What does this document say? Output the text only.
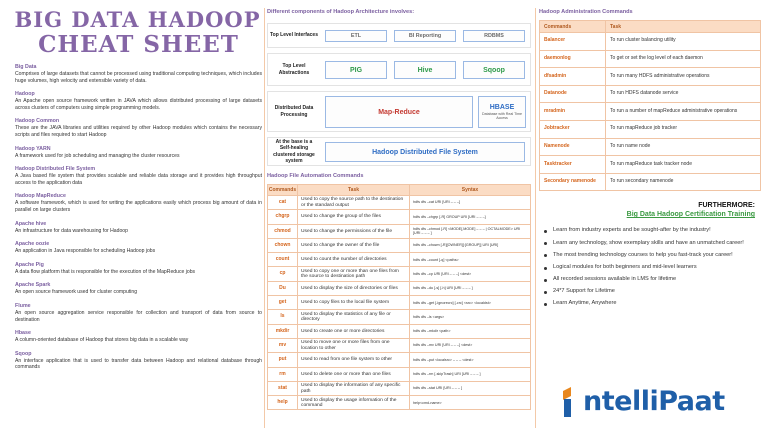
BIG DATA HADOOP
CHEAT SHEET
Big Data
Comprises of large datasets that cannot be processed using traditional computing techniques, which includes huge volumes, high velocity and extensible variety of data.
Hadoop
An Apache open source framework written in JAVA which allows distributed processing of large datasets across clusters of computers using simple programming models.
Hadoop Common
These are the JAVA libraries and utilities required by other Hadoop modules which contains the necessary scripts and files required to start Hadoop
Hadoop YARN
A framework used for job scheduling and managing the cluster resources
Hadoop Distributed File System
A Java based file system that provides scalable and reliable data storage and it provides high throughput access to the application data
Hadoop MapReduce
A software framework, which is used for writing the applications easily which process big amount of data in parallel on large clusters
Apache hive
An infrastructure for data warehousing for Hadoop
Apache oozie
An application in Java responsible for scheduling Hadoop jobs
Apache Pig
A data flow platform that is responsible for the execution of the MapReduce jobs
Apache Spark
An open source framework used for cluster computing
Flume
An open source aggregation service responsible for collection and transport of data from source to destination
Hbase
A column-oriented database of Hadoop that stores big data in a scalable way
Sqoop
An interface application that is used to transfer data between Hadoop and relational database through commands
Different components of Hadoop Architecture involves:
Top Level Interfaces	ETL	BI Reporting	RDBMS
Top Level Abstractions	PIG	Hive	Sqoop
Distributed Data Processing	Map-Reduce
HBASE
Database with Real Time Access
At the base is a Self-healing clustered storage system
Hadoop Distributed File System
Hadoop File Automation Commands
Commands	Task	Syntax
cat	Used to copy the source path to the destination or the standard output	hdfs dfs –cat URI [URI – – –]
chgrp	Used to change the group of the files	hdfs dfs –chgrp [-R] GROUP URI [URI – – –]
chmod	Used to change the permissions of the file	hdfs dfs –chmod [-R] <MODE[,MODE] – – – | OCTALMODE> URI [URI – – – ]
chown	Used to change the owner of the file	hdfs dfs –chown [-R][OWNER][:[GROUP]] URI [URI]
count	Used to count the number of directories	hdfs dfs –count [-q] <paths>
cp	Used to copy one or more than one files from the source to destination path	hdfs dfs –cp URI [URI – – –] <dest>
Du	Used to display the size of directories or files	hdfs dfs –du [-s] [-h] URI [URI – – – ]
get	Used to copy files to the local file system	hdfs dfs –get [-ignorecrc] [-crc] <src> <localdst>
ls	Used to display the statistics of any file or directory	hdfs dfs –ls <args>
mkdir	Used to create one or more directories	hdfs dfs –mkdir <path>
mv	Used to move one or more files from one location to other	hdfs dfs –mv URI [URI – – –] <dest>
put	Used to read from one file system to other	hdfs dfs –put <localsrc> – – – <dest>
rm	Used to delete one or more than one files	hdfs dfs –rm [-skipTrash] URI [URI – – – ]
stat	Used to display the information of any specific path	hdfs dfs –stat URI [URI – – – ]
help	Used to display the usage information of the command	help<cmd-name>
Hadoop Administration Commands
Commands	Task
Balancer	To run cluster balancing utility
daemonlog	To get or set the log level of each daemon
dfsadmin	To run many HDFS administrative operations
Datanode	To run HDFS datanode service
mradmin	To run a number of mapReduce administrative operations
Jobtracker	To run mapReduce job tracker
Namenode	To run name node
Tasktracker	To run mapReduce task tracker node
Secondary namenode	To run secondary namenode
FURTHERMORE:
Big Data Hadoop Certification Training
Learn from industry experts and be sought-after by the industry!
Learn any technology, show exemplary skills and have an unmatched career!
The most trending technology courses to help you fast-track your career!
Logical modules for both beginners and mid-level learners
All recorded sessions available in LMS for lifetime
24*7 Support for Lifetime
Learn Anytime, Anywhere
ntelliPaat
